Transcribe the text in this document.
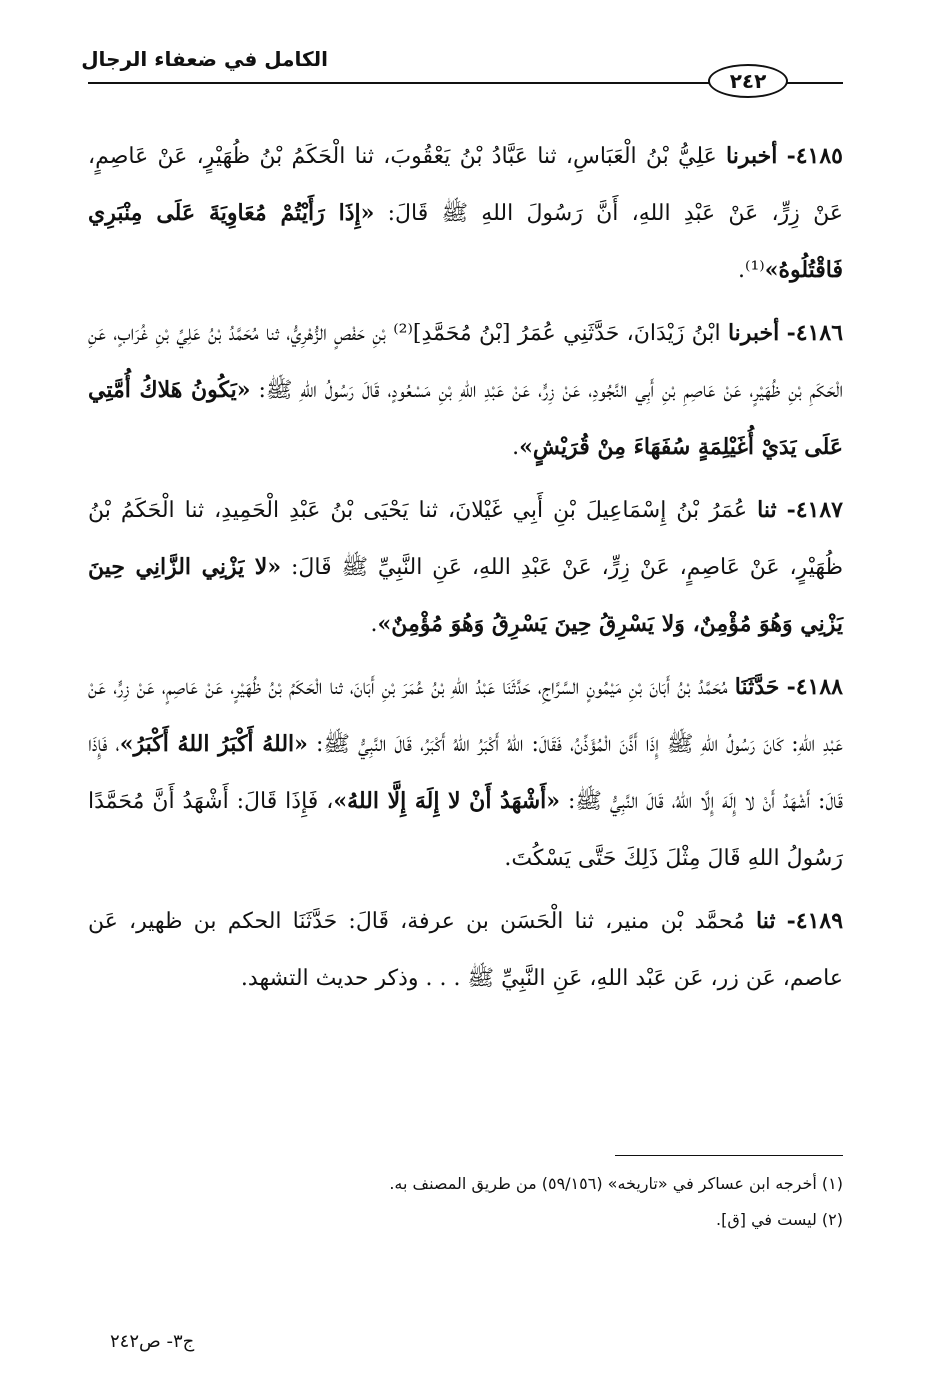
الكامل في ضعفاء الرجال
٢٤٢

٤١٨٥- أخبرنا عَلِيُّ بْنُ الْعَبَاسِ، ثنا عَبَّادُ بْنُ يَعْقُوبَ، ثنا الْحَكَمُ بْنُ ظُهَيْرٍ، عَنْ عَاصِمٍ، عَنْ زِرٍّ، عَنْ عَبْدِ اللهِ، أَنَّ رَسُولَ اللهِ ﷺ قَالَ: «إِذَا رَأَيْتُمْ مُعَاوِيَةَ عَلَى مِنْبَرِي فَاقْتُلُوهُ»⁽¹⁾.

٤١٨٦- أخبرنا ابْنُ زَيْدَانَ، حَدَّثَنِي عُمَرُ [بْنُ مُحَمَّدِ]⁽²⁾ بْنِ حَفْصٍ الزُّهْرِيُّ، ثنا مُحَمَّدُ بْنُ عَلِيِّ بْنِ غُرَابٍ، عَنِ الْحَكَمِ بْنِ ظُهَيْرٍ، عَنْ عَاصِمِ بْنِ أَبِي النَّجُودِ، عَنْ زِرٍّ، عَنْ عَبْدِ اللهِ بْنِ مَسْعُودٍ، قَالَ رَسُولُ اللهِ ﷺ: «يَكُونُ هَلاكُ أُمَّتِي عَلَى يَدَيْ أُغَيْلِمَةٍ سُفَهَاءَ مِنْ قُرَيْشٍ».

٤١٨٧- ثنا عُمَرُ بْنُ إِسْمَاعِيلَ بْنِ أَبِي غَيْلانَ، ثنا يَحْيَى بْنُ عَبْدِ الْحَمِيدِ، ثنا الْحَكَمُ بْنُ ظُهَيْرٍ، عَنْ عَاصِمٍ، عَنْ زِرٍّ، عَنْ عَبْدِ اللهِ، عَنِ النَّبِيِّ ﷺ قَالَ: «لا يَزْنِي الزَّانِي حِينَ يَزْنِي وَهُوَ مُؤْمِنٌ، وَلا يَسْرِقُ حِينَ يَسْرِقُ وَهُوَ مُؤْمِنٌ».

٤١٨٨- حَدَّثَنَا مُحَمَّدُ بْنُ أَبَانَ بْنِ مَيْمُونٍ السَّرَّاجِ، حَدَّثَنَا عَبْدُ اللهِ بْنُ عُمَرَ بْنِ أَبَانَ، ثنا الْحَكَمُ بْنُ ظُهَيْرٍ، عَنْ عَاصِمٍ، عَنْ زِرٍّ، عَنْ عَبْدِ اللهِ: كَانَ رَسُولُ اللهِ ﷺ إِذَا أَذَّنَ الْمُؤَذِّنُ، فَقَالَ: اللهُ أَكْبَرُ اللهُ أَكْبَرُ، قَالَ النَّبِيُّ ﷺ: «اللهُ أَكْبَرُ اللهُ أَكْبَرُ»، فَإِذَا قَالَ: أَشْهَدُ أَنْ لا إِلَهَ إِلَّا اللهُ، قَالَ النَّبِيُّ ﷺ: «أَشْهَدُ أَنْ لا إِلَهَ إِلَّا اللهُ»، فَإِذَا قَالَ: أَشْهَدُ أَنَّ مُحَمَّدًا رَسُولُ اللهِ قَالَ مِثْلَ ذَلِكَ حَتَّى يَسْكُتَ.

٤١٨٩- ثنا مُحمَّد بْن منير، ثنا الْحَسَن بن عرفة، قَالَ: حَدَّثَنَا الحكم بن ظهير، عَن عاصم، عَن زر، عَن عَبْد اللهِ، عَنِ النَّبِيِّ ﷺ . . . وذكر حديث التشهد.

(١) أخرجه ابن عساكر في «تاريخه» (٥٩/١٥٦) من طريق المصنف به.
(٢) ليست في [ق].
ج٣- ص٢٤٢
